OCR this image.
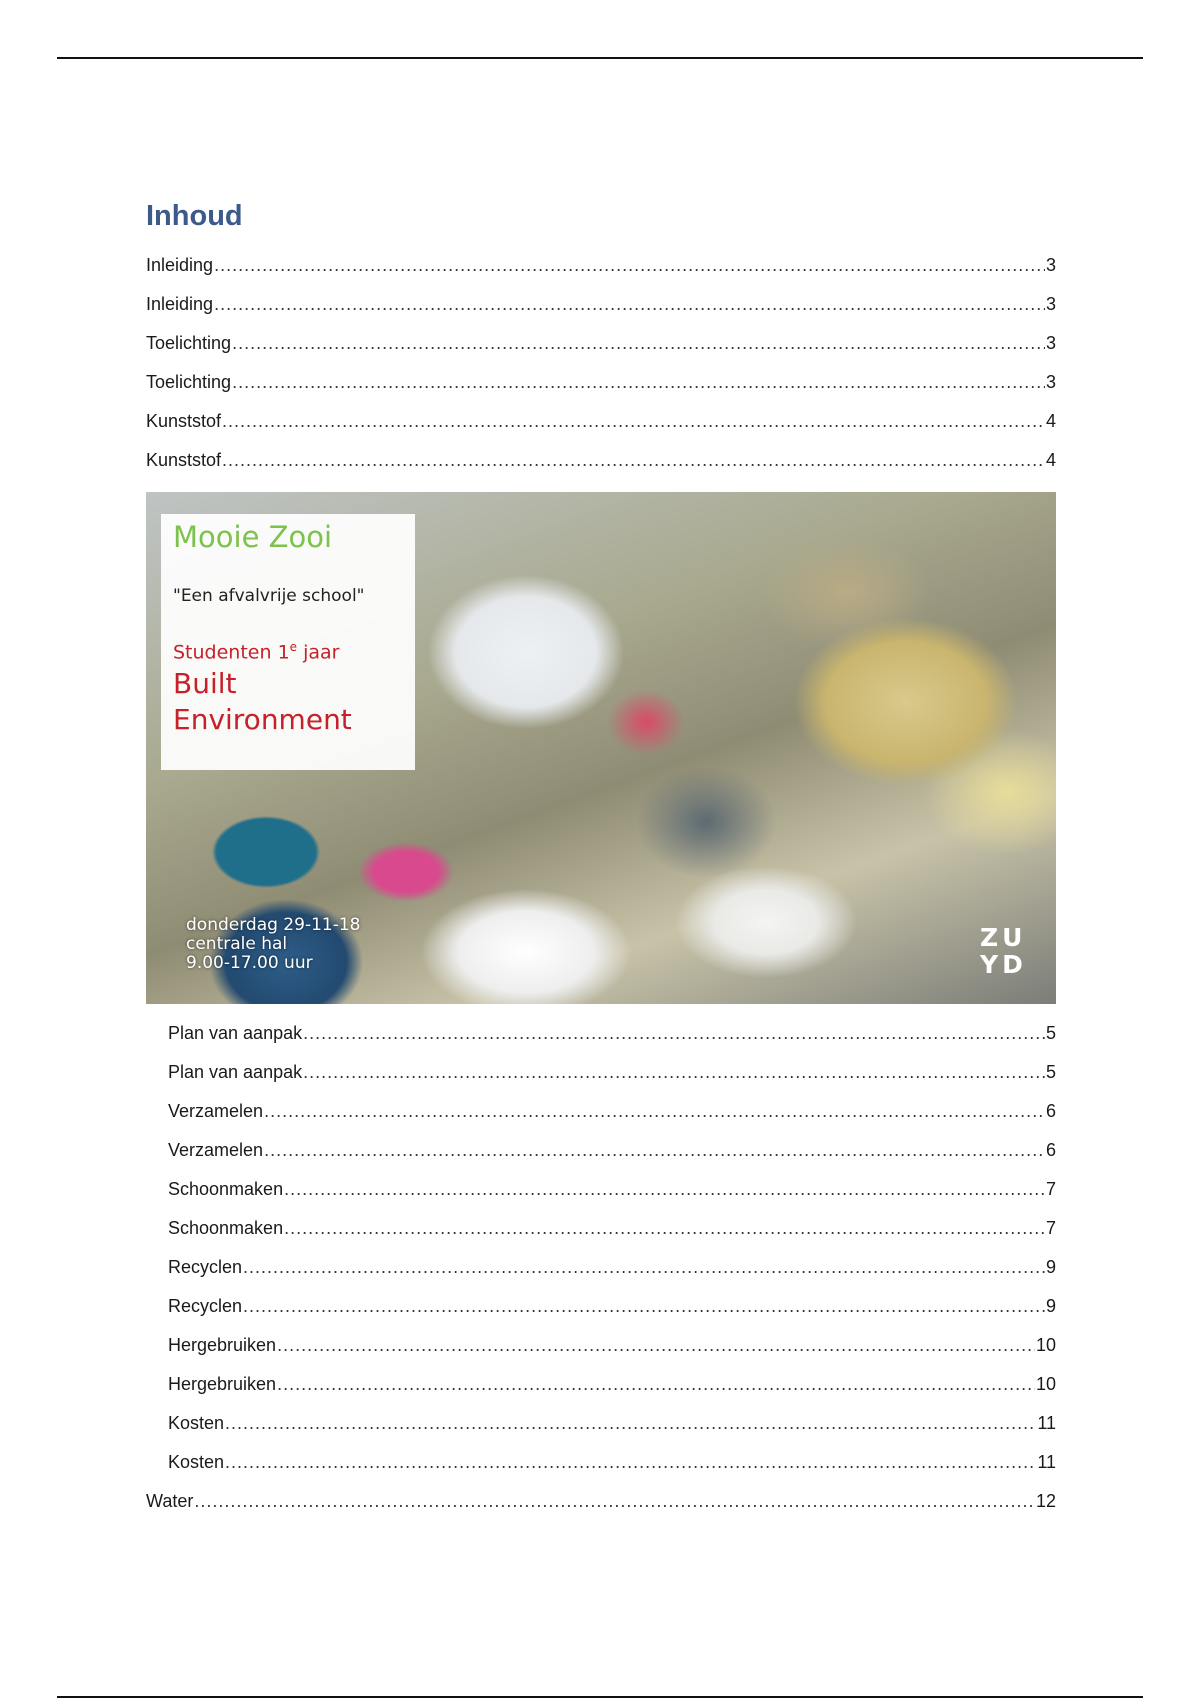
Inhoud
Inleiding .....	3
Inleiding .....	3
Toelichting .....	3
Toelichting .....	3
Kunststof .....	4
Kunststof .....	4

Mooie Zooi

"Een afvalvrije school"

Studenten 1e jaar

Built Environment

donderdag 29-11-18
centrale hal
9.00-17.00 uur
ZU
YD
Plan van aanpak .....	5
Plan van aanpak .....	5
Verzamelen .....	6
Verzamelen .....	6
Schoonmaken .....	7
Schoonmaken .....	7
Recyclen .....	9
Recyclen .....	9
Hergebruiken .....	10
Hergebruiken .....	10
Kosten .....	11
Kosten .....	11
Water .....	12
